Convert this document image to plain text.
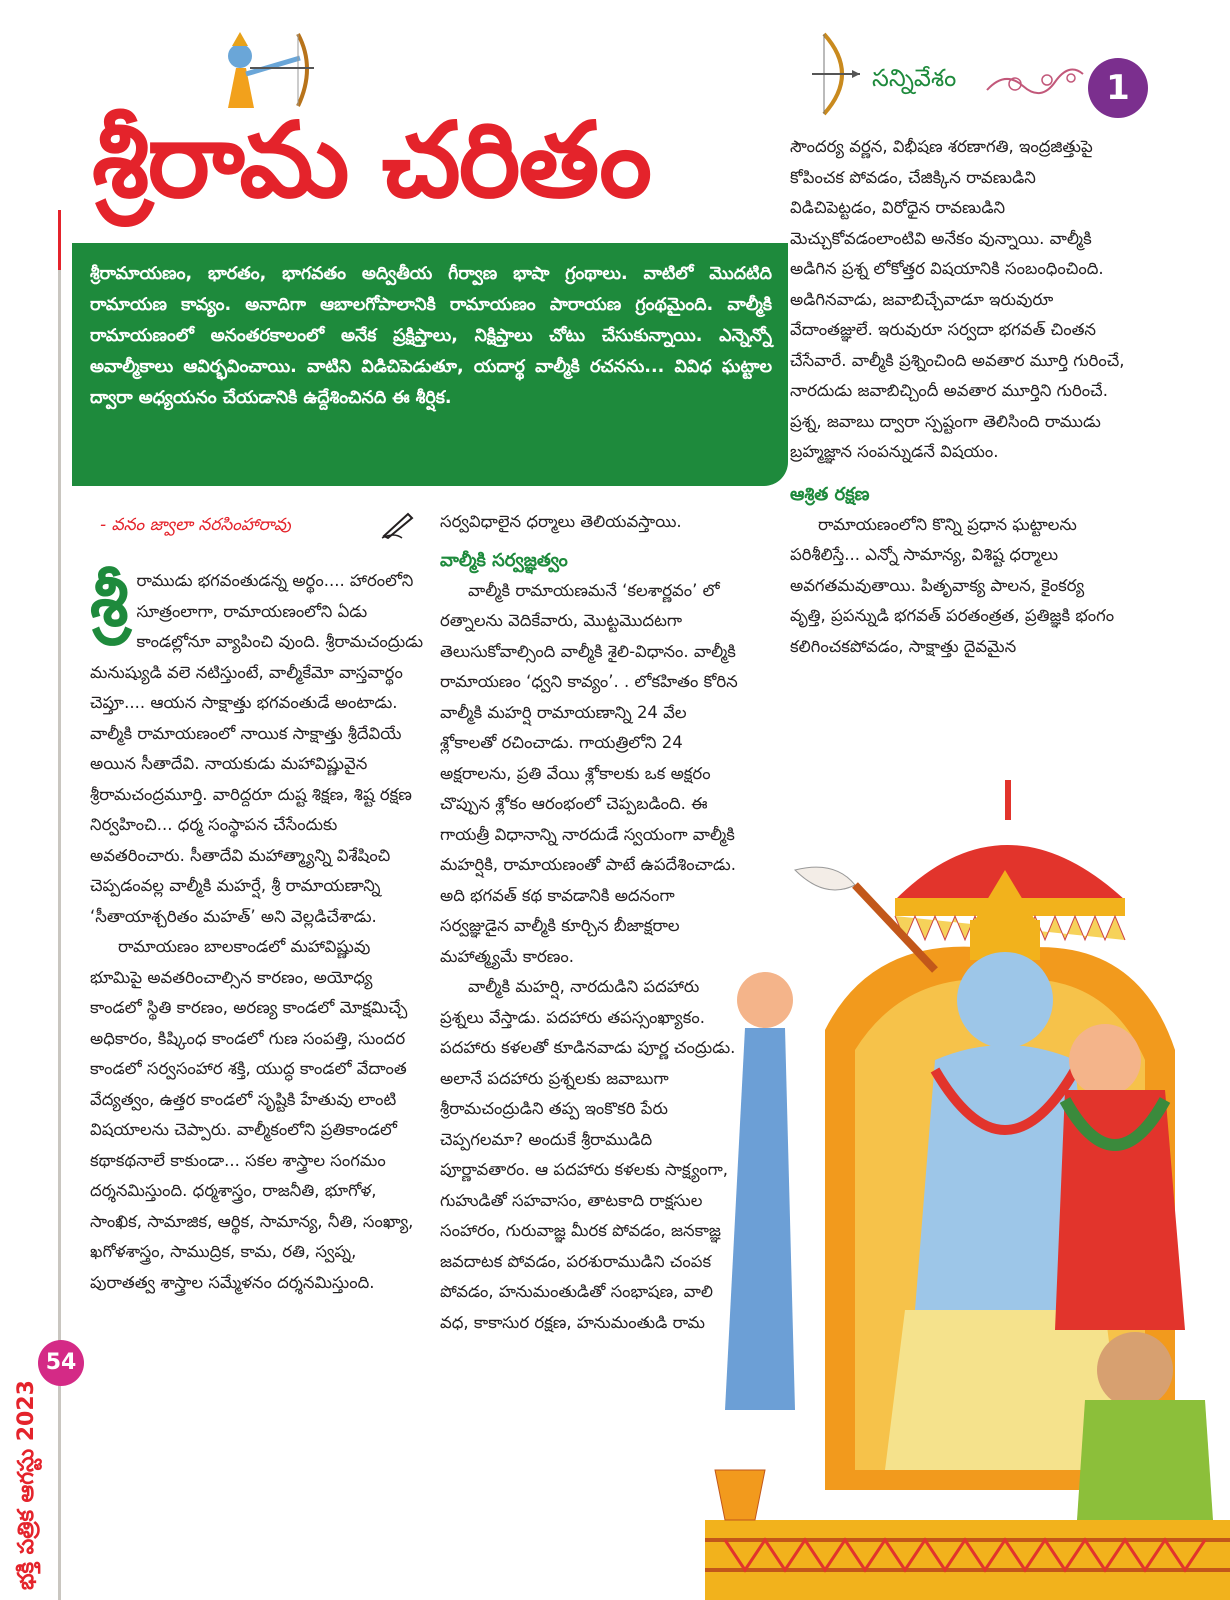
శ్రీరామ చరితం
సన్నివేశం	1
శ్రీరామాయణం, భారతం, భాగవతం అద్వితీయ గీర్వాణ భాషా గ్రంథాలు. వాటిలో మొదటిది రామాయణ కావ్యం. అనాదిగా ఆబాలగోపాలానికి రామాయణం పారాయణ గ్రంథమైంది. వాల్మీకి రామాయణంలో అనంతరకాలంలో అనేక ప్రక్షిప్తాలు, నిక్షిప్తాలు చోటు చేసుకున్నాయి. ఎన్నెన్నో అవాల్మీకాలు ఆవిర్భవించాయి. వాటిని విడిచిపెడుతూ, యదార్థ వాల్మీకి రచనను... వివిధ ఘట్టాల ద్వారా అధ్యయనం చేయడానికి ఉద్దేశించినది ఈ శీర్షిక.
- వనం జ్వాలా నరసింహారావు
శ్రీ రాముడు భగవంతుడన్న అర్థం.... హారంలోని సూత్రంలాగా, రామాయణంలోని ఏడు కాండల్లోనూ వ్యాపించి వుంది. శ్రీరామచంద్రుడు మనుష్యుడి వలె నటిస్తుంటే, వాల్మీకేమో వాస్తవార్థం చెప్తూ.... ఆయన సాక్షాత్తు భగవంతుడే అంటాడు. వాల్మీకి రామాయణంలో నాయిక సాక్షాత్తు శ్రీదేవియే అయిన సీతాదేవి. నాయకుడు మహావిష్ణువైన శ్రీరామచంద్రమూర్తి. వారిద్దరూ దుష్ట శిక్షణ, శిష్ట రక్షణ నిర్వహించి... ధర్మ సంస్థాపన చేసేందుకు అవతరించారు. సీతాదేవి మహాత్మ్యాన్ని విశేషించి చెప్పడంవల్ల వాల్మీకి మహర్షే, శ్రీ రామాయణాన్ని ‘సీతాయాశ్చరితం మహత్’ అని వెల్లడిచేశాడు.

రామాయణం బాలకాండలో మహావిష్ణువు భూమిపై అవతరించాల్సిన కారణం, అయోధ్య కాండలో స్థితి కారణం, అరణ్య కాండలో మోక్షమిచ్చే అధికారం, కిష్కింధ కాండలో గుణ సంపత్తి, సుందర కాండలో సర్వసంహార శక్తి, యుద్ధ కాండలో వేదాంత వేద్యత్వం, ఉత్తర కాండలో సృష్టికి హేతువు లాంటి విషయాలను చెప్పారు. వాల్మీకంలోని ప్రతికాండలో కథాకథనాలే కాకుండా... సకల శాస్త్రాల సంగమం దర్శనమిస్తుంది. ధర్మశాస్త్రం, రాజనీతి, భూగోళ, సాంఖిక, సామాజిక, ఆర్థిక, సామాన్య, నీతి, సంఖ్యా, ఖగోళశాస్త్రం, సాముద్రిక, కామ, రతి, స్వప్న, పురాతత్వ శాస్త్రాల సమ్మేళనం దర్శనమిస్తుంది.

సర్వవిధాలైన ధర్మాలు తెలియవస్తాయి.

వాల్మీకి సర్వజ్ఞత్వం

వాల్మీకి రామాయణమనే ‘కలశార్ణవం’ లో రత్నాలను వెదికేవారు, మొట్టమొదటగా తెలుసుకోవాల్సింది వాల్మీకి శైలి-విధానం. వాల్మీకి రామాయణం ‘ధ్వని కావ్యం’. . లోకహితం కోరిన వాల్మీకి మహర్షి రామాయణాన్ని 24 వేల శ్లోకాలతో రచించాడు. గాయత్రిలోని 24 అక్షరాలను, ప్రతి వేయి శ్లోకాలకు ఒక అక్షరం చొప్పున శ్లోకం ఆరంభంలో చెప్పబడింది. ఈ గాయత్రీ విధానాన్ని నారదుడే స్వయంగా వాల్మీకి మహర్షికి, రామాయణంతో పాటే ఉపదేశించాడు. అది భగవత్ కథ కావడానికి అదనంగా సర్వజ్ఞుడైన వాల్మీకి కూర్చిన బీజాక్షరాల మహాత్మ్యమే కారణం.

వాల్మీకి మహర్షి, నారదుడిని పదహారు ప్రశ్నలు వేస్తాడు. పదహారు తపస్సంఖ్యాకం. పదహారు కళలతో కూడినవాడు పూర్ణ చంద్రుడు. అలానే పదహారు ప్రశ్నలకు జవాబుగా శ్రీరామచంద్రుడిని తప్ప ఇంకొకరి పేరు చెప్పగలమా? అందుకే శ్రీరాముడిది పూర్ణావతారం. ఆ పదహారు కళలకు సాక్ష్యంగా, గుహుడితో సహవాసం, తాటకాది రాక్షసుల సంహారం, గురువాజ్ఞ మీరక పోవడం, జనకాజ్ఞ జవదాటక పోవడం, పరశురాముడిని చంపక పోవడం, హనుమంతుడితో సంభాషణ, వాలి వధ, కాకాసుర రక్షణ, హనుమంతుడి రామ

సౌందర్య వర్ణన, విభీషణ శరణాగతి, ఇంద్రజిత్తుపై కోపించక పోవడం, చేజిక్కిన రావణుడిని విడిచిపెట్టడం, విరోధైన రావణుడిని మెచ్చుకోవడంలాంటివి అనేకం వున్నాయి. వాల్మీకి అడిగిన ప్రశ్న లోకోత్తర విషయానికి సంబంధించింది. అడిగినవాడు, జవాబిచ్చేవాడూ ఇరువురూ వేదాంతజ్ఞులే. ఇరువురూ సర్వదా భగవత్ చింతన చేసేవారే. వాల్మీకి ప్రశ్నించింది అవతార మూర్తి గురించే, నారదుడు జవాబిచ్చిందీ అవతార మూర్తిని గురించే. ప్రశ్న, జవాబు ద్వారా స్పష్టంగా తెలిసింది రాముడు బ్రహ్మజ్ఞాన సంపన్నుడనే విషయం.

ఆశ్రిత రక్షణ

రామాయణంలోని కొన్ని ప్రధాన ఘట్టాలను పరిశీలిస్తే... ఎన్నో సామాన్య, విశిష్ట ధర్మాలు అవగతమవుతాయి. పితృవాక్య పాలన, కైంకర్య వృత్తి, ప్రపన్నుడి భగవత్ పరతంత్రత, ప్రతిజ్ఞకి భంగం కలిగించకపోవడం, సాక్షాత్తు దైవమైన

భక్తి పత్రిక ఆగస్టు 2023
54
